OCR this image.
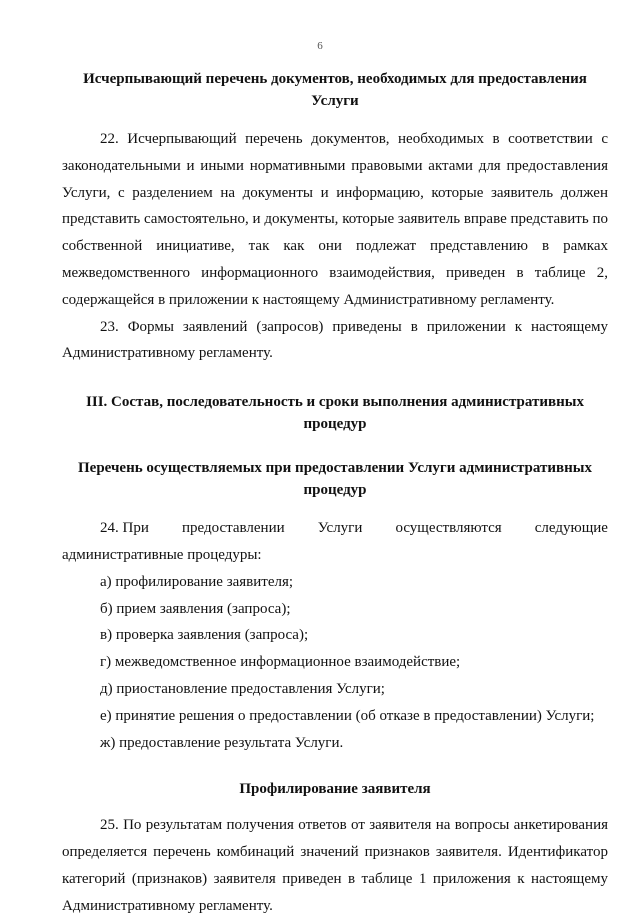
6
Исчерпывающий перечень документов, необходимых для предоставления Услуги

22. Исчерпывающий перечень документов, необходимых в соответствии с законодательными и иными нормативными правовыми актами для предоставления Услуги, с разделением на документы и информацию, которые заявитель должен представить самостоятельно, и документы, которые заявитель вправе представить по собственной инициативе, так как они подлежат представлению в рамках межведомственного информационного взаимодействия, приведен в таблице 2, содержащейся в приложении к настоящему Административному регламенту.

23. Формы заявлений (запросов) приведены в приложении к настоящему Административному регламенту.

III. Состав, последовательность и сроки выполнения административных процедур
Перечень осуществляемых при предоставлении Услуги административных процедур

24. При предоставлении Услуги осуществляются следующие

административные процедуры:

а) профилирование заявителя;

б) прием заявления (запроса);

в) проверка заявления (запроса);

г) межведомственное информационное взаимодействие;

д) приостановление предоставления Услуги;

е) принятие решения о предоставлении (об отказе в предоставлении) Услуги;

ж) предоставление результата Услуги.

Профилирование заявителя

25. По результатам получения ответов от заявителя на вопросы анкетирования определяется перечень комбинаций значений признаков заявителя. Идентификатор категорий (признаков) заявителя приведен в таблице 1 приложения к настоящему Административному регламенту.
